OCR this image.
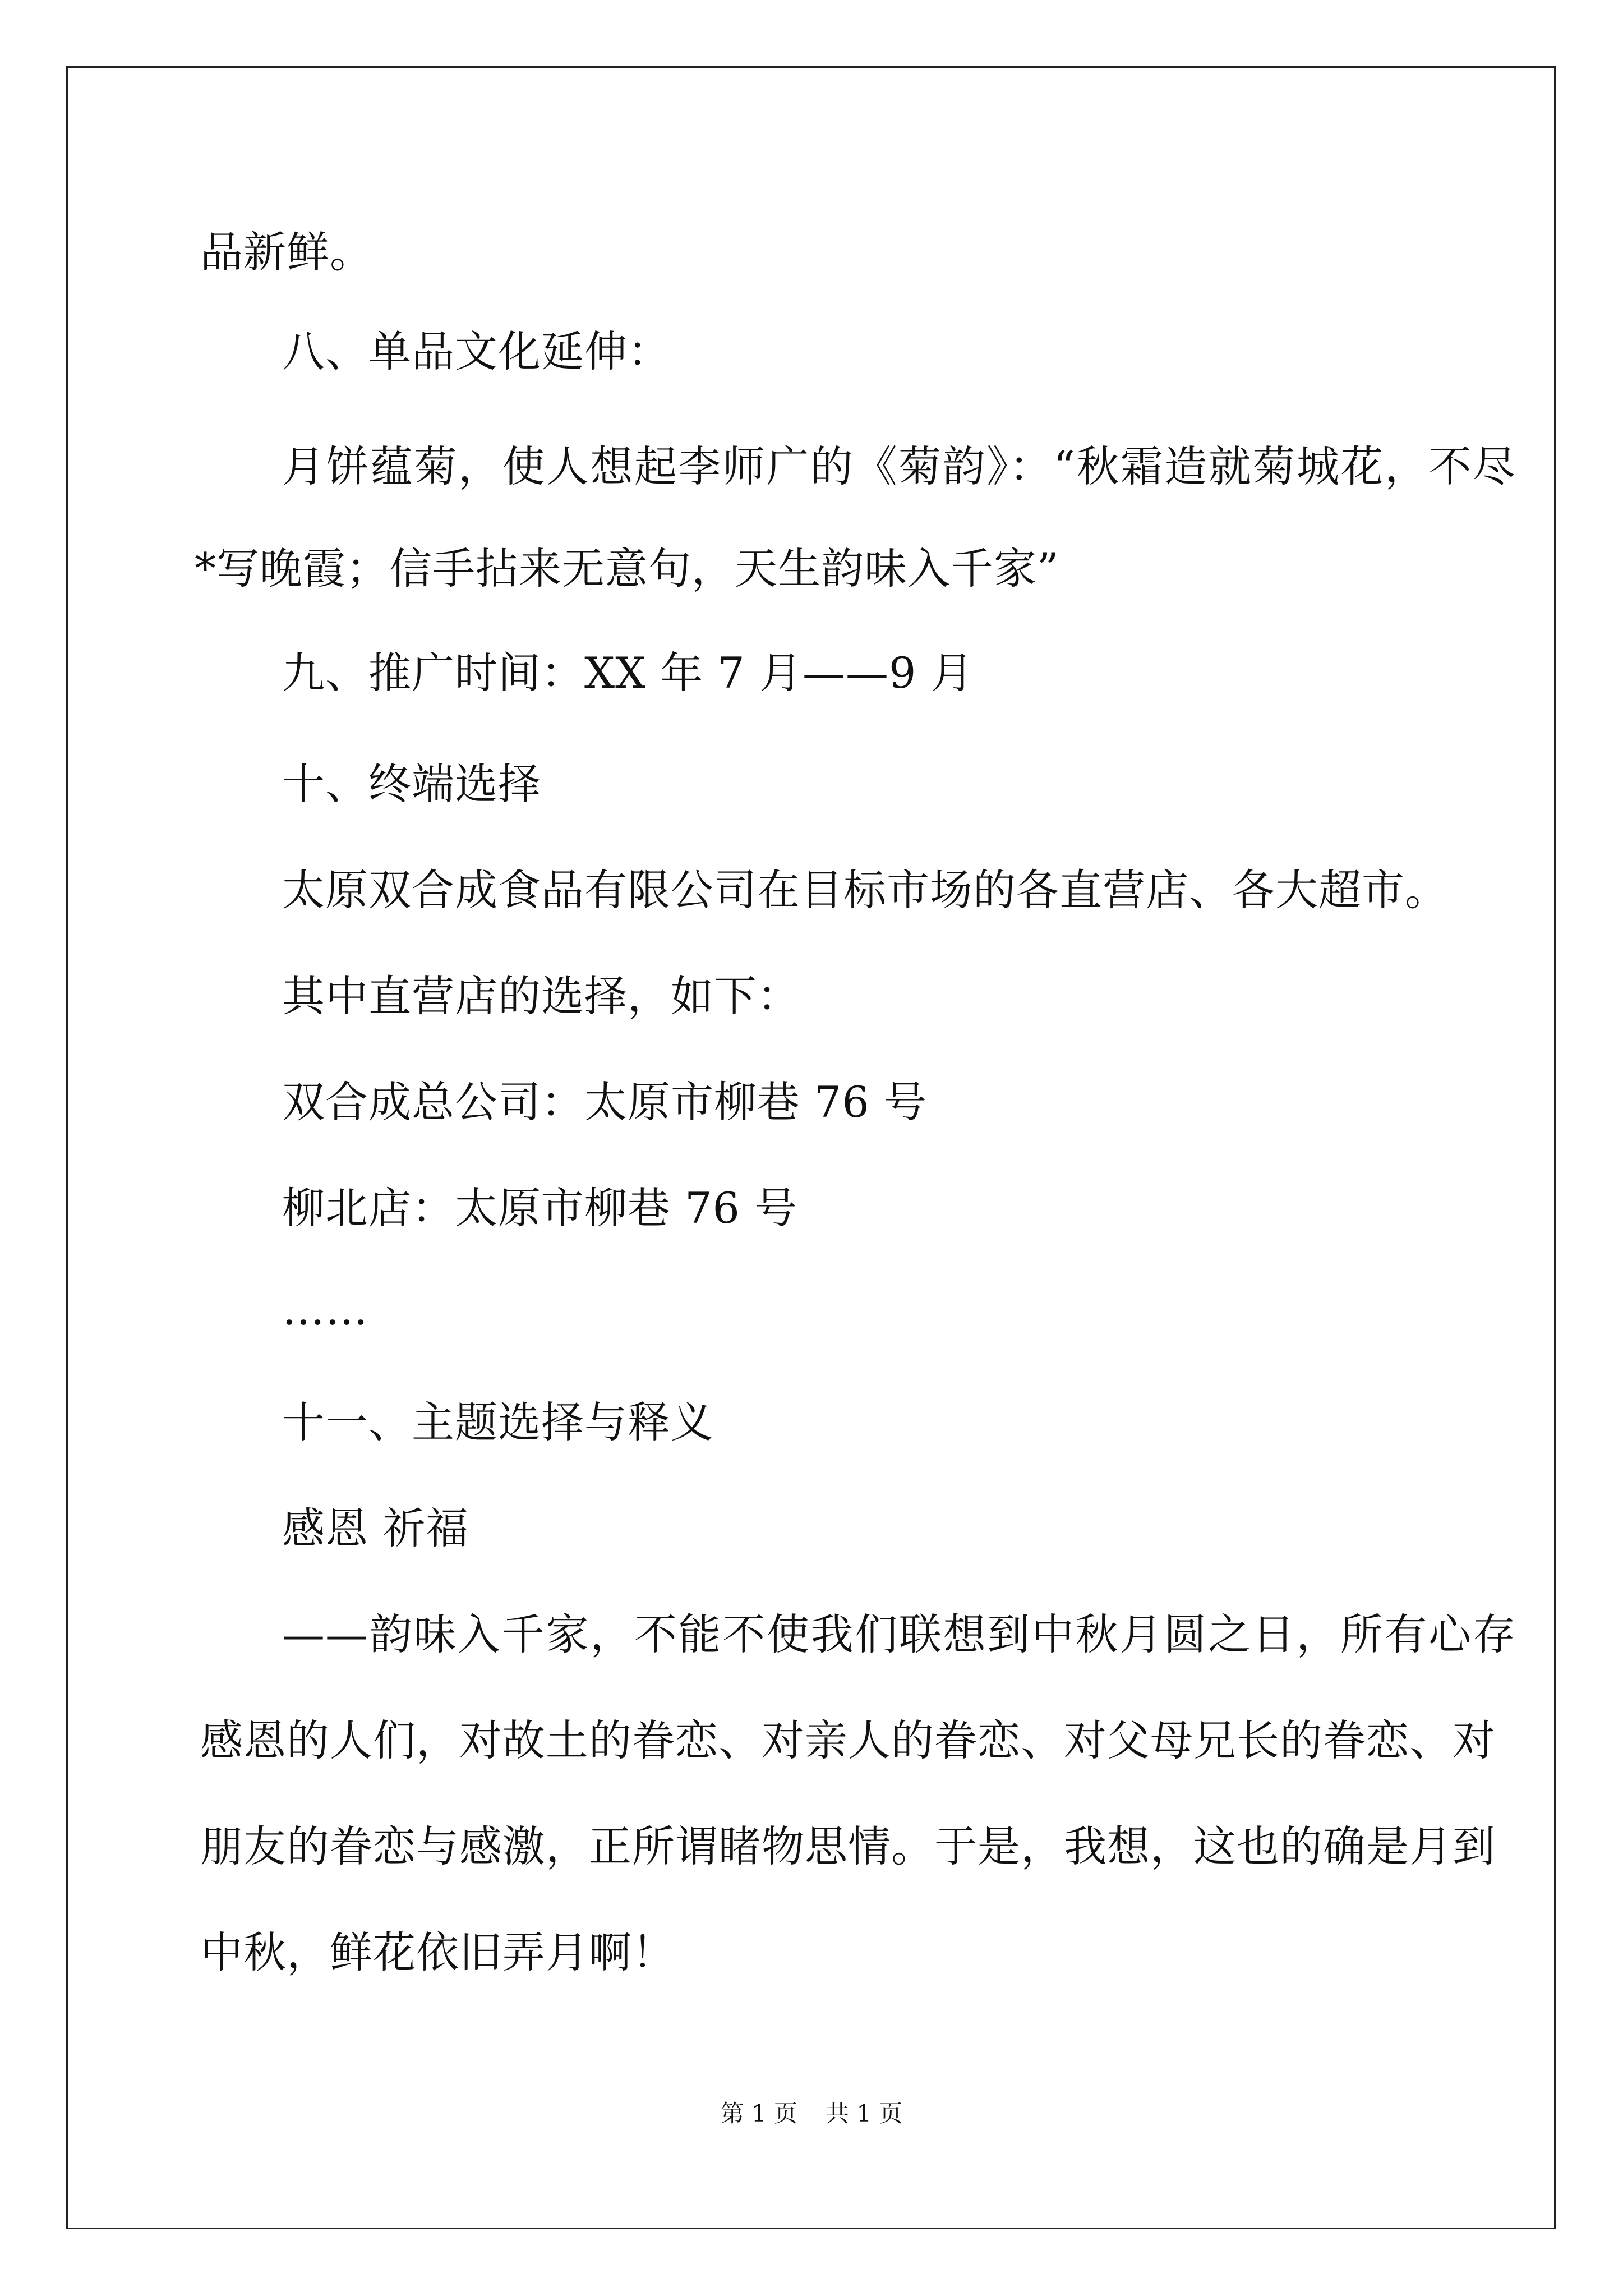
品新鲜。
八、单品文化延伸：
月饼蕴菊，使人想起李师广的《菊韵》：“秋霜造就菊城花，不尽
*写晚霞；信手拈来无意句，天生韵味入千家”
九、推广时间：XX 年 7 月——9 月
十、终端选择
太原双合成食品有限公司在目标市场的各直营店、各大超市。
其中直营店的选择，如下：
双合成总公司：太原市柳巷 76 号
柳北店：太原市柳巷 76 号
……
十一、主题选择与释义
感恩 祈福
——韵味入千家，不能不使我们联想到中秋月圆之日，所有心存
感恩的人们，对故土的眷恋、对亲人的眷恋、对父母兄长的眷恋、对
朋友的眷恋与感激，正所谓睹物思情。于是，我想，这也的确是月到
中秋，鲜花依旧弄月啊！
第 1 页 共 1 页
